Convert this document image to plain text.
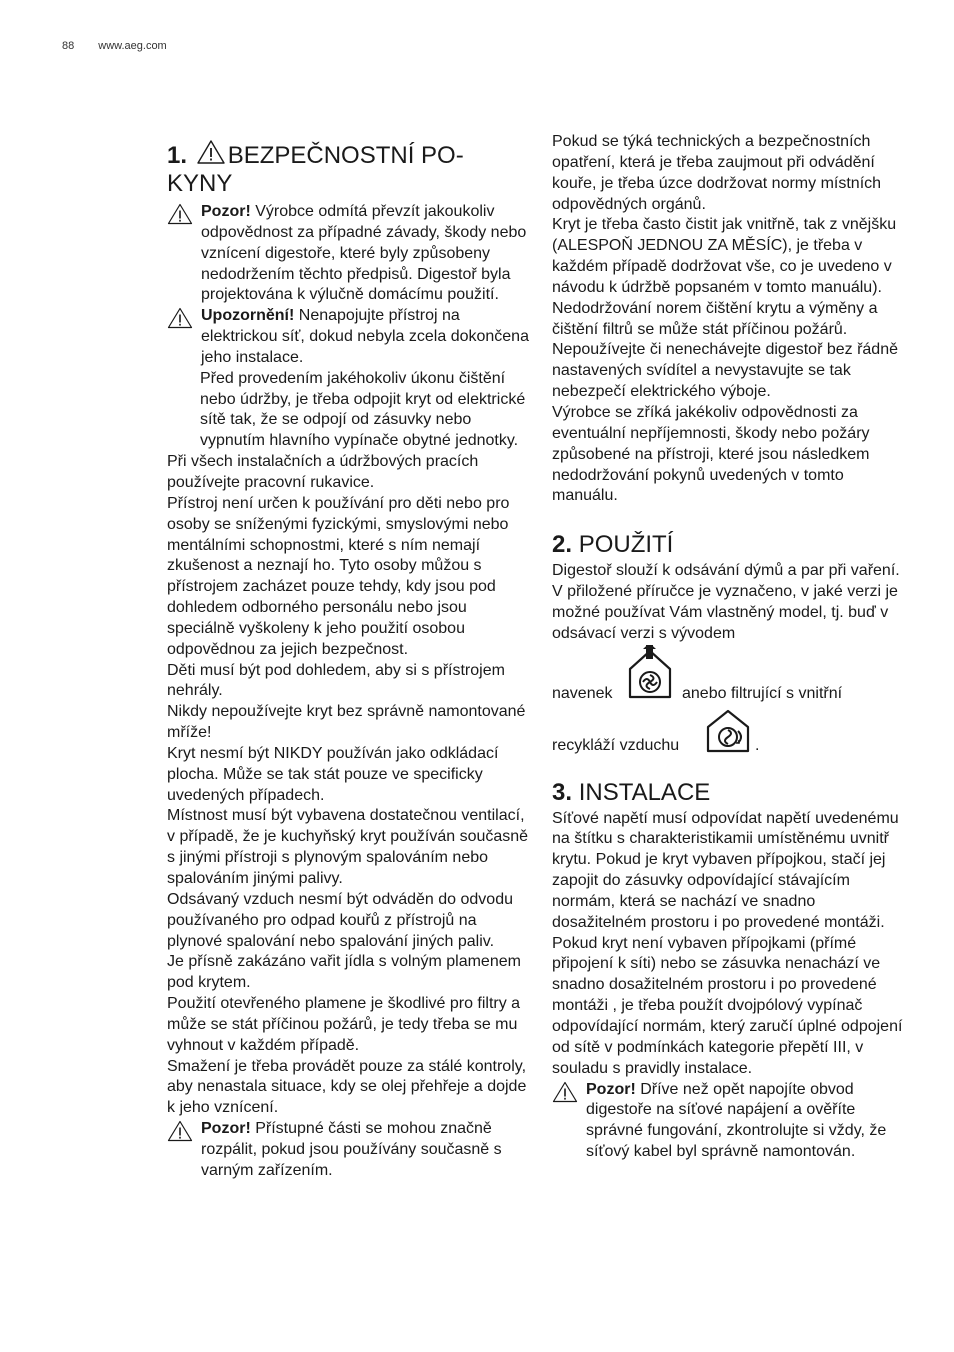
88 www.aeg.com
1. BEZPEČNOSTNÍ PO-
KYNY

Pozor! Výrobce odmítá převzít jakoukoliv odpovědnost za případné závady, škody nebo vznícení digestoře, které byly způsobeny nedodržením těchto předpisů. Digestoř byla projektována k výlučně domácímu použití.

Upozornění! Nenapojujte přístroj na elektrickou síť, dokud nebyla zcela dokončena jeho instalace.

Před provedením jakéhokoliv úkonu čištění nebo údržby, je třeba odpojit kryt od elektrické sítě tak, že se odpojí od zásuvky nebo vypnutím hlavního vypínače obytné jednotky.

Při všech instalačních a údržbových pracích používejte pracovní rukavice.

Přístroj není určen k používání pro děti nebo pro osoby se sníženými fyzickými, smyslovými nebo mentálními schopnostmi, které s ním nemají zkušenost a neznají ho. Tyto osoby můžou s přístrojem zacházet pouze tehdy, kdy jsou pod dohledem odborného personálu nebo jsou speciálně vyškoleny k jeho použití osobou odpovědnou za jejich bezpečnost.

Děti musí být pod dohledem, aby si s přístrojem nehrály.

Nikdy nepoužívejte kryt bez správně namontované mříže!

Kryt nesmí být NIKDY používán jako odkládací plocha. Může se tak stát pouze ve specificky uvedených případech.

Místnost musí být vybavena dostatečnou ventilací, v případě, že je kuchyňský kryt používán současně s jinými přístroji s plynovým spalováním nebo spalováním jinými palivy.

Odsávaný vzduch nesmí být odváděn do odvodu používaného pro odpad kouřů z přístrojů na plynové spalování nebo spalování jiných paliv.

Je přísně zakázáno vařit jídla s volným plamenem pod krytem.

Použití otevřeného plamene je škodlivé pro filtry a může se stát příčinou požárů, je tedy třeba se mu vyhnout v každém případě.

Smažení je třeba provádět pouze za stálé kontroly, aby nenastala situace, kdy se olej přehřeje a dojde k jeho vznícení.

Pozor! Přístupné části se mohou značně rozpálit, pokud jsou používány současně s varným zařízením.

Pokud se týká technických a bezpečnostních opatření, která je třeba zaujmout při odvádění kouře, je třeba úzce dodržovat normy místních odpovědných orgánů.

Kryt je třeba často čistit jak vnitřně, tak z vnějšku (ALESPOŇ JEDNOU ZA MĚSÍC), je třeba v každém případě dodržovat vše, co je uvedeno v návodu k údržbě popsaném v tomto manuálu).

Nedodržování norem čištění krytu a výměny a čištění filtrů se může stát příčinou požárů.

Nepoužívejte či nenechávejte digestoř bez řádně nastavených svídítel a nevystavujte se tak nebezpečí elektrického výboje.

Výrobce se zříká jakékoliv odpovědnosti za eventuální nepříjemnosti, škody nebo požáry způsobené na přístroji, které jsou následkem nedodržování pokynů uvedených v tomto manuálu.

2. POUŽITÍ

Digestoř slouží k odsávání dýmů a par při vaření.

V přiložené příručce je vyznačeno, v jaké verzi je možné používat Vám vlastněný model, tj. buď v odsávací verzi s vývodem

navenek	anebo filtrující s vnitřní
recykláží vzduchu	.
3. INSTALACE

Síťové napětí musí odpovídat napětí uvedenému na štítku s charakteristikamii umístěnému uvnitř krytu. Pokud je kryt vybaven přípojkou, stačí jej zapojit do zásuvky odpovídající stávajícím normám, která se nachází ve snadno dosažitelném prostoru i po provedené montáži. Pokud kryt není vybaven přípojkami (přímé připojení k síti) nebo se zásuvka nenachází ve snadno dosažitelném prostoru i po provedené montáži , je třeba použít dvojpólový vypínač odpovídající normám, který zaručí úplné odpojení od sítě v podmínkách kategorie přepětí III, v souladu s pravidly instalace.

Pozor! Dříve než opět napojíte obvod digestoře na síťové napájení a ověříte správné fungování, zkontrolujte si vždy, že síťový kabel byl správně namontován.
